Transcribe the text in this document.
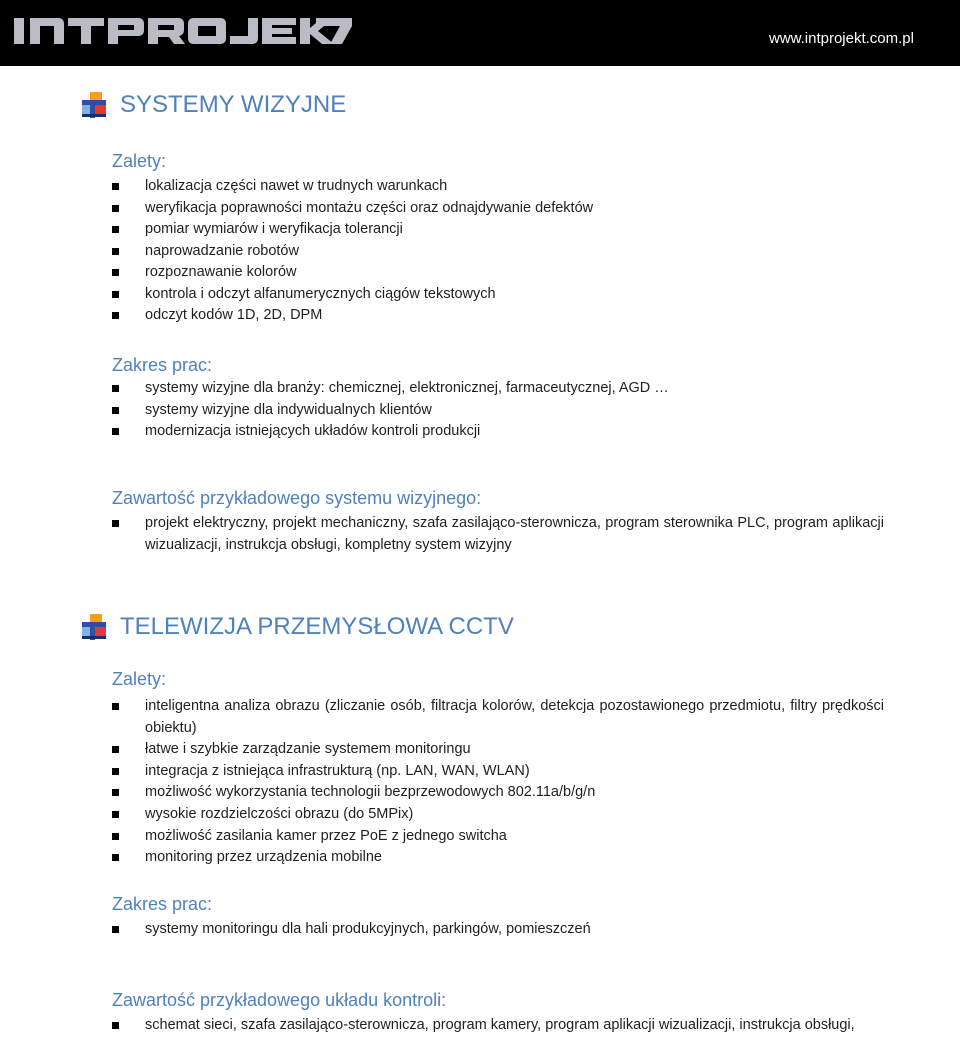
INTPROJEKT
www.intprojekt.com.pl
SYSTEMY WIZYJNE
Zalety:
lokalizacja części nawet w trudnych warunkach
weryfikacja poprawności montażu części oraz odnajdywanie defektów
pomiar wymiarów i weryfikacja tolerancji
naprowadzanie robotów
rozpoznawanie kolorów
kontrola i odczyt alfanumerycznych ciągów tekstowych
odczyt kodów 1D, 2D, DPM
Zakres prac:
systemy wizyjne dla branży: chemicznej, elektronicznej, farmaceutycznej, AGD …
systemy wizyjne dla indywidualnych klientów
modernizacja istniejących układów kontroli produkcji
Zawartość przykładowego systemu wizyjnego:
projekt elektryczny, projekt mechaniczny, szafa zasilająco-sterownicza, program sterownika PLC, program aplikacji wizualizacji, instrukcja obsługi, kompletny system wizyjny
TELEWIZJA PRZEMYSŁOWA CCTV
Zalety:
inteligentna analiza obrazu (zliczanie osób, filtracja kolorów, detekcja pozostawionego przedmiotu, filtry prędkości obiektu)
łatwe i szybkie zarządzanie systemem monitoringu
integracja z istniejąca infrastrukturą (np. LAN, WAN, WLAN)
możliwość wykorzystania technologii bezprzewodowych 802.11a/b/g/n
wysokie rozdzielczości obrazu (do 5MPix)
możliwość zasilania kamer przez PoE z jednego switcha
monitoring przez urządzenia mobilne
Zakres prac:
systemy monitoringu dla hali produkcyjnych, parkingów, pomieszczeń
Zawartość przykładowego układu kontroli:
schemat sieci, szafa zasilająco-sterownicza, program kamery, program aplikacji wizualizacji, instrukcja obsługi,
